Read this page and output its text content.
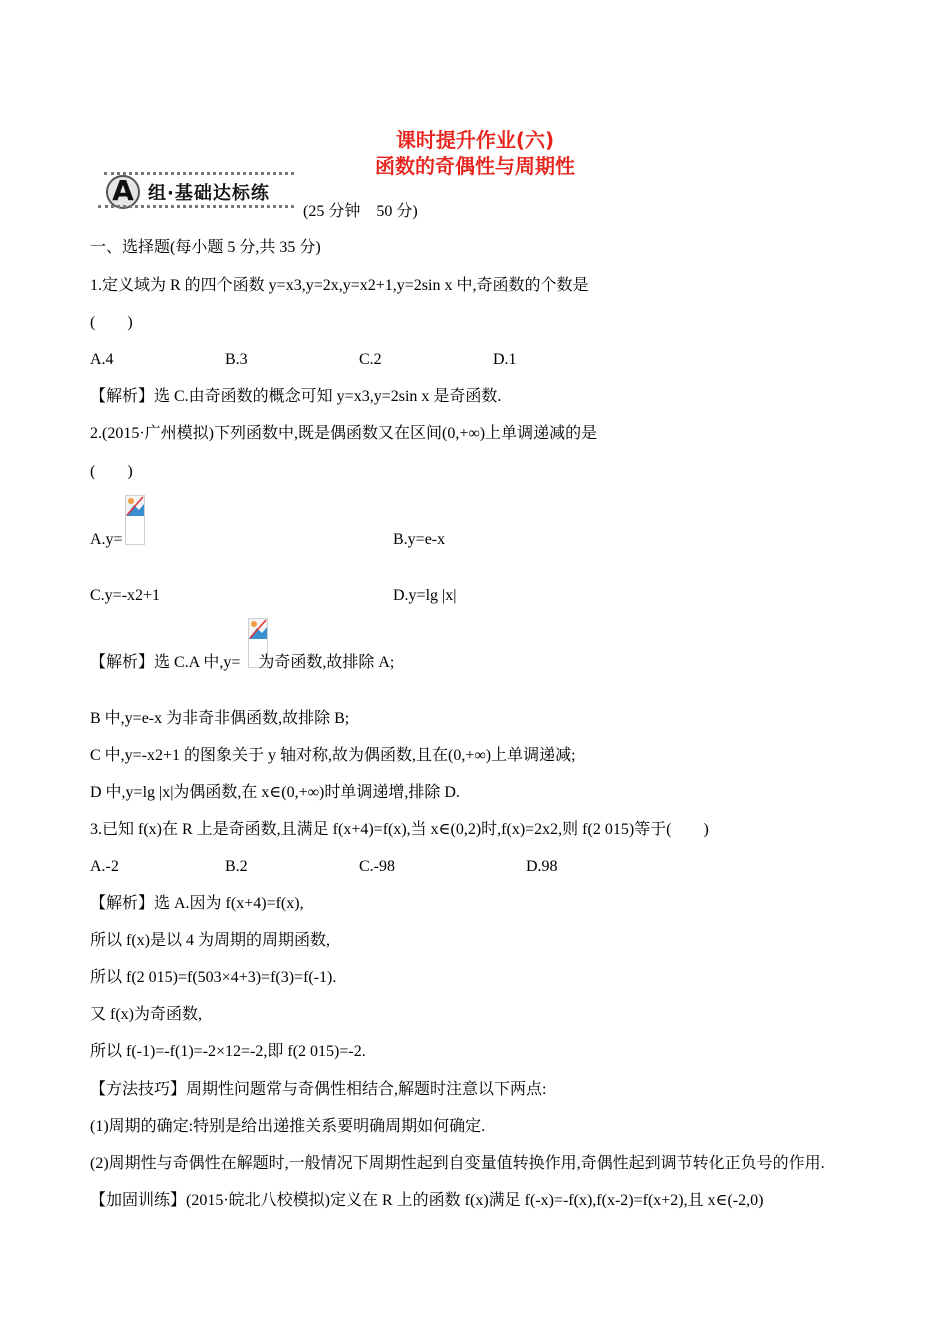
课时提升作业(六)
函数的奇偶性与周期性
A 组·基础达标练
(25 分钟　50 分)
一、选择题(每小题 5 分,共 35 分)
1.定义域为 R 的四个函数 y=x3,y=2x,y=x2+1,y=2sin x 中,奇函数的个数是
(　　)
A.4	B.3	C.2	D.1
【解析】选 C.由奇函数的概念可知 y=x3,y=2sin x 是奇函数.
2.(2015·广州模拟)下列函数中,既是偶函数又在区间(0,+∞)上单调递减的是
(　　)
A.y=	B.y=e-x
C.y=-x2+1	D.y=lg |x|
【解析】选 C.A 中,y= 为奇函数,故排除 A;
B 中,y=e-x 为非奇非偶函数,故排除 B;
C 中,y=-x2+1 的图象关于 y 轴对称,故为偶函数,且在(0,+∞)上单调递减;
D 中,y=lg |x|为偶函数,在 x∈(0,+∞)时单调递增,排除 D.
3.已知 f(x)在 R 上是奇函数,且满足 f(x+4)=f(x),当 x∈(0,2)时,f(x)=2x2,则 f(2 015)等于(　　)
A.-2	B.2	C.-98	D.98
【解析】选 A.因为 f(x+4)=f(x),
所以 f(x)是以 4 为周期的周期函数,
所以 f(2 015)=f(503×4+3)=f(3)=f(-1).
又 f(x)为奇函数,
所以 f(-1)=-f(1)=-2×12=-2,即 f(2 015)=-2.
【方法技巧】周期性问题常与奇偶性相结合,解题时注意以下两点:
(1)周期的确定:特别是给出递推关系要明确周期如何确定.
(2)周期性与奇偶性在解题时,一般情况下周期性起到自变量值转换作用,奇偶性起到调节转化正负号的作用.
【加固训练】(2015·皖北八校模拟)定义在 R 上的函数 f(x)满足 f(-x)=-f(x),f(x-2)=f(x+2),且 x∈(-2,0)
